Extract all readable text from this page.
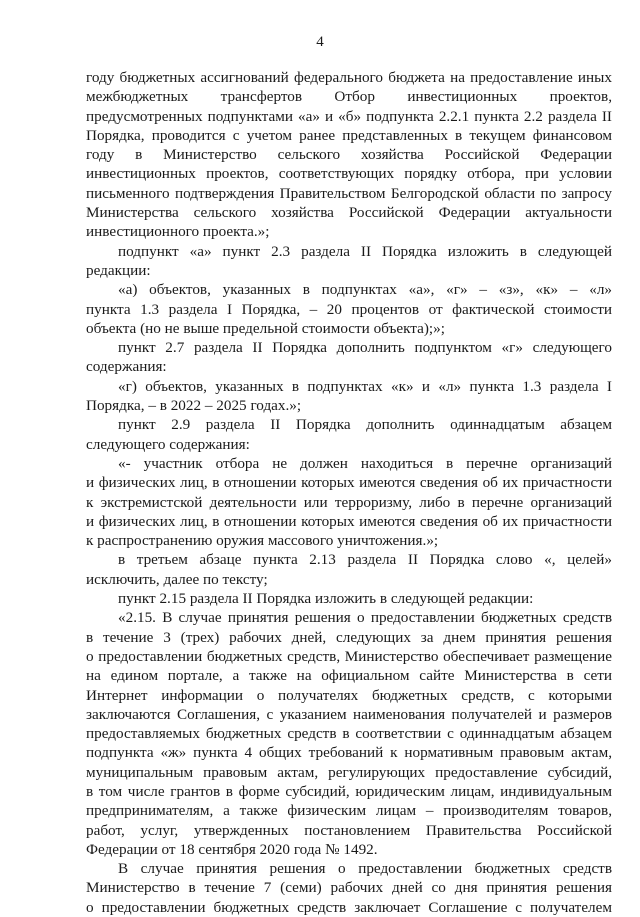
4
году бюджетных ассигнований федерального бюджета на предоставление иных
межбюджетных трансфертов Отбор инвестиционных проектов,
предусмотренных подпунктами «а» и «б» подпункта 2.2.1 пункта 2.2 раздела II
Порядка, проводится с учетом ранее представленных в текущем финансовом
году в Министерство сельского хозяйства Российской Федерации
инвестиционных проектов, соответствующих порядку отбора, при условии
письменного подтверждения Правительством Белгородской области по запросу
Министерства сельского хозяйства Российской Федерации актуальности
инвестиционного проекта.»;
подпункт «а» пункт 2.3 раздела II Порядка изложить в следующей
редакции:
«а) объектов, указанных в подпунктах «а», «г» – «з», «к» – «л»
пункта 1.3 раздела I Порядка, – 20 процентов от фактической стоимости
объекта (но не выше предельной стоимости объекта);»;
пункт 2.7 раздела II Порядка дополнить подпунктом «г» следующего
содержания:
«г) объектов, указанных в подпунктах «к» и «л» пункта 1.3 раздела I
Порядка, – в 2022 – 2025 годах.»;
пункт 2.9 раздела II Порядка дополнить одиннадцатым абзацем
следующего содержания:
«- участник отбора не должен находиться в перечне организаций
и физических лиц, в отношении которых имеются сведения об их причастности
к экстремистской деятельности или терроризму, либо в перечне организаций
и физических лиц, в отношении которых имеются сведения об их причастности
к распространению оружия массового уничтожения.»;
в третьем абзаце пункта 2.13 раздела II Порядка слово «, целей»
исключить, далее по тексту;
пункт 2.15 раздела II Порядка изложить в следующей редакции:
«2.15. В случае принятия решения о предоставлении бюджетных средств
в течение 3 (трех) рабочих дней, следующих за днем принятия решения
о предоставлении бюджетных средств, Министерство обеспечивает размещение
на едином портале, а также на официальном сайте Министерства в сети
Интернет информации о получателях бюджетных средств, с которыми
заключаются Соглашения, с указанием наименования получателей и размеров
предоставляемых бюджетных средств в соответствии с одиннадцатым абзацем
подпункта «ж» пункта 4 общих требований к нормативным правовым актам,
муниципальным правовым актам, регулирующих предоставление субсидий,
в том числе грантов в форме субсидий, юридическим лицам, индивидуальным
предпринимателям, а также физическим лицам – производителям товаров,
работ, услуг, утвержденных постановлением Правительства Российской
Федерации от 18 сентября 2020 года № 1492.
В случае принятия решения о предоставлении бюджетных средств
Министерство в течение 7 (семи) рабочих дней со дня принятия решения
о предоставлении бюджетных средств заключает Соглашение с получателем
